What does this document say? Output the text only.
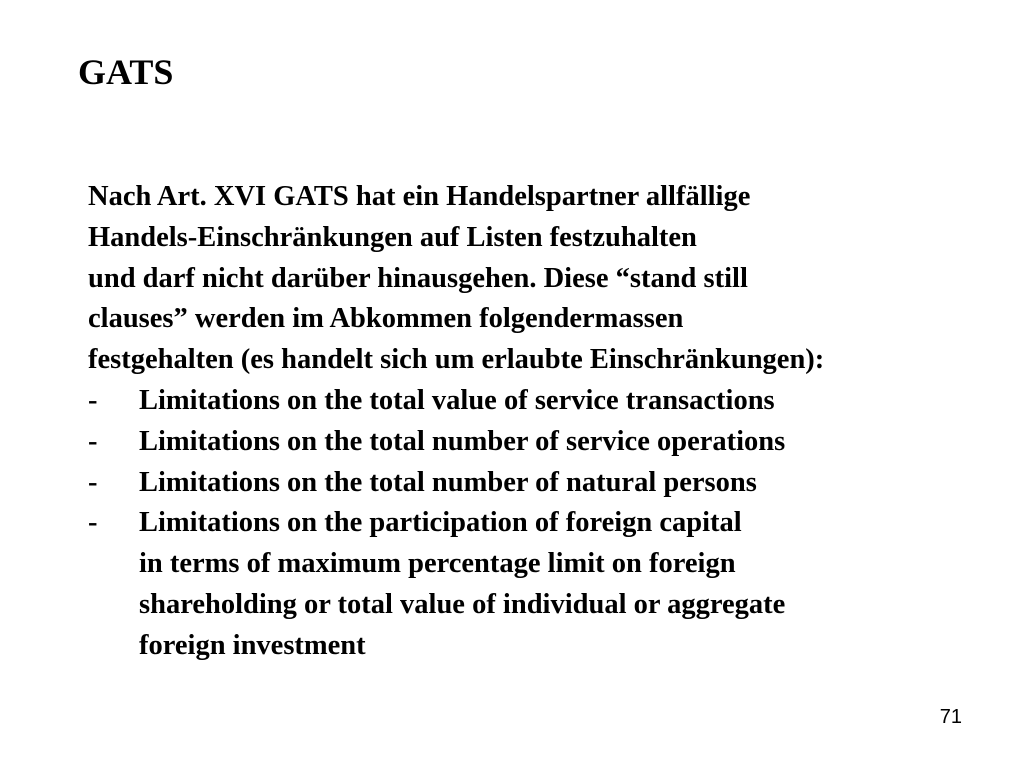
GATS
Nach Art. XVI GATS hat ein Handelspartner allfällige
Handels-Einschränkungen auf Listen festzuhalten
und darf nicht darüber hinausgehen. Diese “stand still
clauses” werden im Abkommen folgendermassen
festgehalten (es handelt sich um erlaubte Einschränkungen):
-	Limitations on the total value of service transactions
-	Limitations on the total number of service operations
-	Limitations on the total number of natural persons
-	Limitations on the participation of foreign capital
in terms of maximum percentage limit on foreign
shareholding or total value of individual or aggregate
foreign investment
71
